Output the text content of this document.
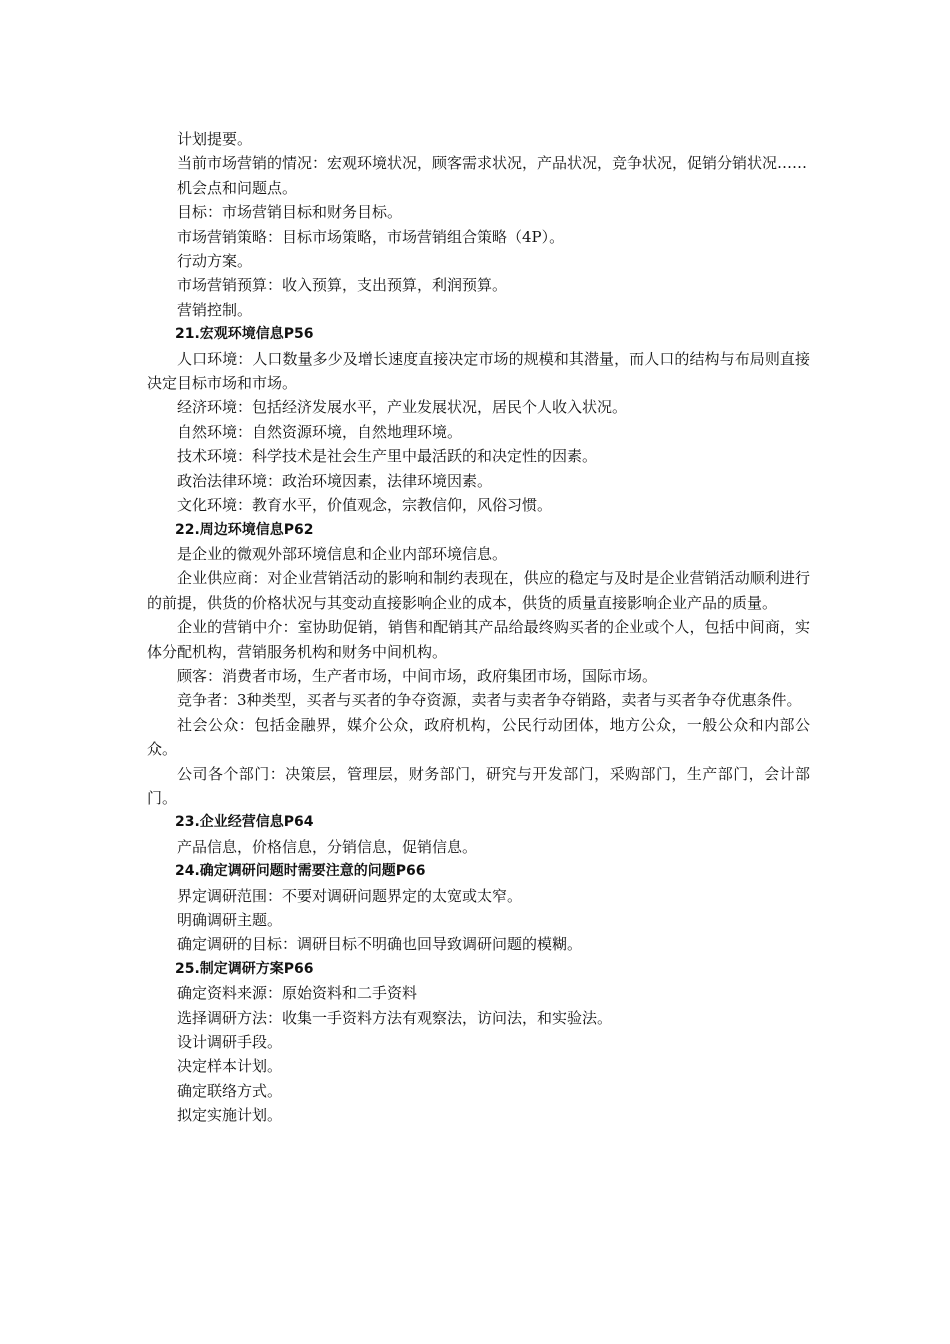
计划提要。

当前市场营销的情况：宏观环境状况，顾客需求状况，产品状况，竞争状况，促销分销状况……

机会点和问题点。

目标：市场营销目标和财务目标。

市场营销策略：目标市场策略，市场营销组合策略（4P）。

行动方案。

市场营销预算：收入预算，支出预算，利润预算。

营销控制。

21.宏观环境信息P56

人口环境：人口数量多少及增长速度直接决定市场的规模和其潜量，而人口的结构与布局则直接决定目标市场和市场。

经济环境：包括经济发展水平，产业发展状况，居民个人收入状况。

自然环境：自然资源环境，自然地理环境。

技术环境：科学技术是社会生产里中最活跃的和决定性的因素。

政治法律环境：政治环境因素，法律环境因素。

文化环境：教育水平，价值观念，宗教信仰，风俗习惯。

22.周边环境信息P62

是企业的微观外部环境信息和企业内部环境信息。

企业供应商：对企业营销活动的影响和制约表现在，供应的稳定与及时是企业营销活动顺利进行的前提，供货的价格状况与其变动直接影响企业的成本，供货的质量直接影响企业产品的质量。

企业的营销中介：室协助促销，销售和配销其产品给最终购买者的企业或个人，包括中间商，实体分配机构，营销服务机构和财务中间机构。

顾客：消费者市场，生产者市场，中间市场，政府集团市场，国际市场。

竞争者：3种类型，买者与买者的争夺资源，卖者与卖者争夺销路，卖者与买者争夺优惠条件。

社会公众：包括金融界，媒介公众，政府机构，公民行动团体，地方公众，一般公众和内部公众。

公司各个部门：决策层，管理层，财务部门，研究与开发部门，采购部门，生产部门，会计部门。

23.企业经营信息P64

产品信息，价格信息，分销信息，促销信息。

24.确定调研问题时需要注意的问题P66

界定调研范围：不要对调研问题界定的太宽或太窄。

明确调研主题。

确定调研的目标：调研目标不明确也回导致调研问题的模糊。

25.制定调研方案P66

确定资料来源：原始资料和二手资料

选择调研方法：收集一手资料方法有观察法，访问法，和实验法。

设计调研手段。

决定样本计划。

确定联络方式。

拟定实施计划。
